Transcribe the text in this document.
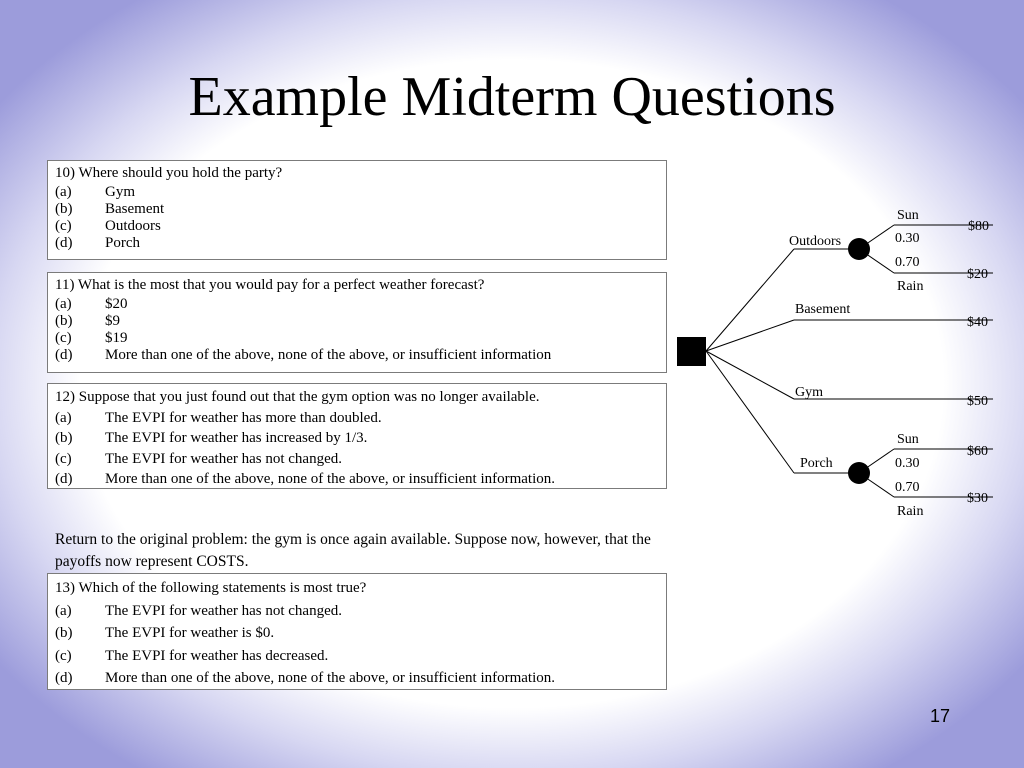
Example Midterm Questions
10) Where should you hold the party?
(a)	Gym
(b)	Basement
(c)	Outdoors
(d)	Porch
11) What is the most that you would pay for a perfect weather forecast?
(a)	$20
(b)	$9
(c)	$19
(d)	More than one of the above, none of the above, or insufficient information
12) Suppose that you just found out that the gym option was no longer available.
(a)	The EVPI for weather has more than doubled.
(b)	The EVPI for weather has increased by 1/3.
(c)	The EVPI for weather has not changed.
(d)	More than one of the above, none of the above, or insufficient information.
Return to the original problem: the gym is once again available. Suppose now, however, that the payoffs now represent COSTS.
13) Which of the following statements is most true?
(a)	The EVPI for weather has not changed.
(b)	The EVPI for weather is $0.
(c)	The EVPI for weather has decreased.
(d)	More than one of the above, none of the above, or insufficient information.
Outdoors
Sun
0.30
0.70
Rain
$80
$20
Basement
$40
Gym
$50
Porch
Sun
0.30
0.70
Rain
$60
$30
17
